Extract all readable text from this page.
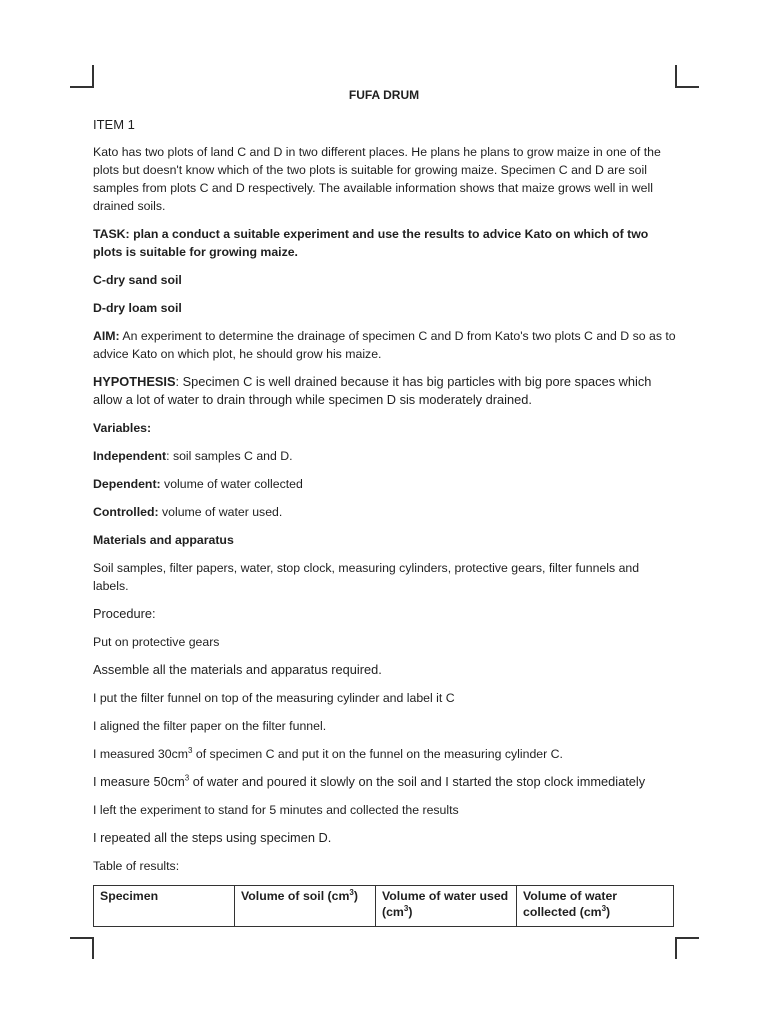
FUFA DRUM

ITEM 1

Kato has two plots of land C and D in two different places. He plans he plans to grow maize in one of the plots but doesn't know which of the two plots is suitable for growing maize. Specimen C and D are soil samples from plots C and D respectively. The available information shows that maize grows well in well drained soils.

TASK: plan a conduct a suitable experiment and use the results to advice Kato on which of two plots is suitable for growing maize.

C-dry sand soil

D-dry loam soil

AIM: An experiment to determine the drainage of specimen C and D from Kato's two plots C and D so as to advice Kato on which plot, he should grow his maize.

HYPOTHESIS: Specimen C is well drained because it has big particles with big pore spaces which allow a lot of water to drain through while specimen D sis moderately drained.

Variables:

Independent: soil samples C and D.

Dependent: volume of water collected

Controlled: volume of water used.

Materials and apparatus

Soil samples, filter papers, water, stop clock, measuring cylinders, protective gears, filter funnels and labels.

Procedure:

Put on protective gears

Assemble all the materials and apparatus required.

I put the filter funnel on top of the measuring cylinder and label it C

I aligned the filter paper on the filter funnel.

I measured $30cm^3$ of specimen C and put it on the funnel on the measuring cylinder C.

I measure $50cm^3$ of water and poured it slowly on the soil and I started the stop clock immediately

I left the experiment to stand for 5 minutes and collected the results

I repeated all the steps using specimen D.

Table of results:

Specimen	Volume of soil $(cm^3)$	Volume of water used $(cm^3)$	Volume of water collected $(cm^3)$
